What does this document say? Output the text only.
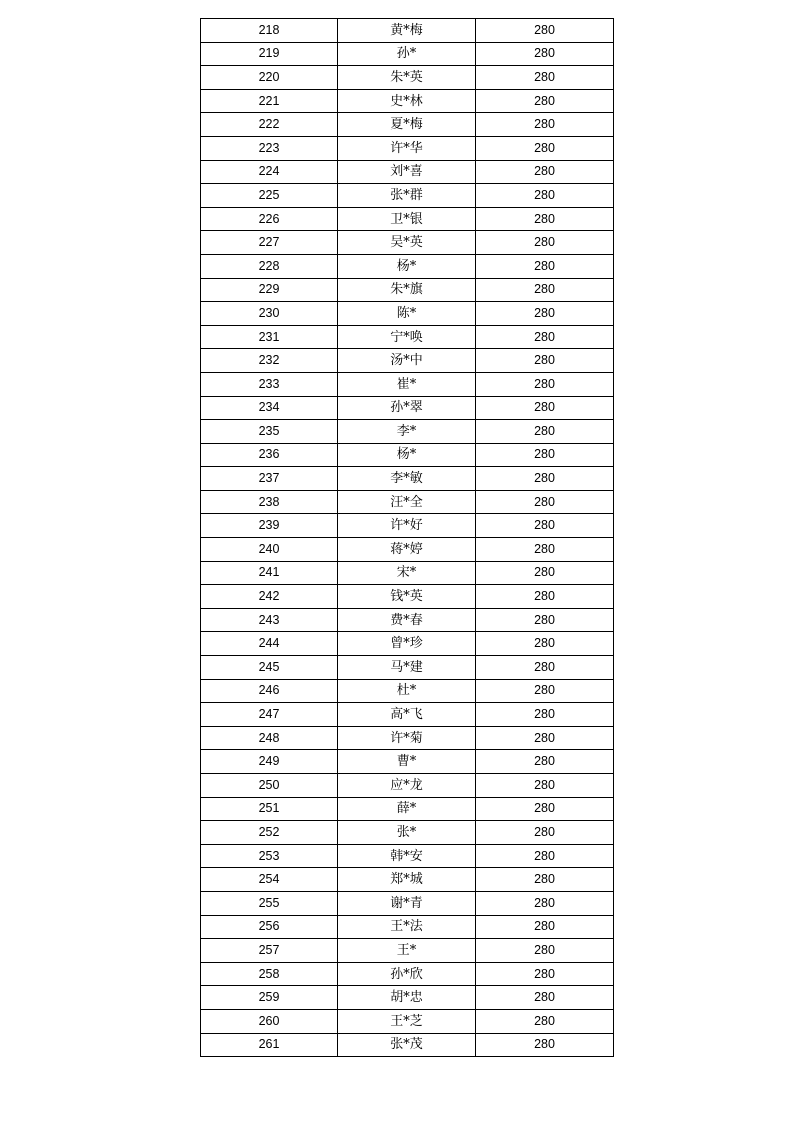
218	黄*梅	280
219	孙*	280
220	朱*英	280
221	史*林	280
222	夏*梅	280
223	许*华	280
224	刘*喜	280
225	张*群	280
226	卫*银	280
227	吴*英	280
228	杨*	280
229	朱*旗	280
230	陈*	280
231	宁*唤	280
232	汤*中	280
233	崔*	280
234	孙*翠	280
235	李*	280
236	杨*	280
237	李*敏	280
238	汪*全	280
239	许*好	280
240	蒋*婷	280
241	宋*	280
242	钱*英	280
243	费*春	280
244	曾*珍	280
245	马*建	280
246	杜*	280
247	高*飞	280
248	许*菊	280
249	曹*	280
250	应*龙	280
251	薛*	280
252	张*	280
253	韩*安	280
254	郑*城	280
255	谢*青	280
256	王*法	280
257	王*	280
258	孙*欣	280
259	胡*忠	280
260	王*芝	280
261	张*茂	280
